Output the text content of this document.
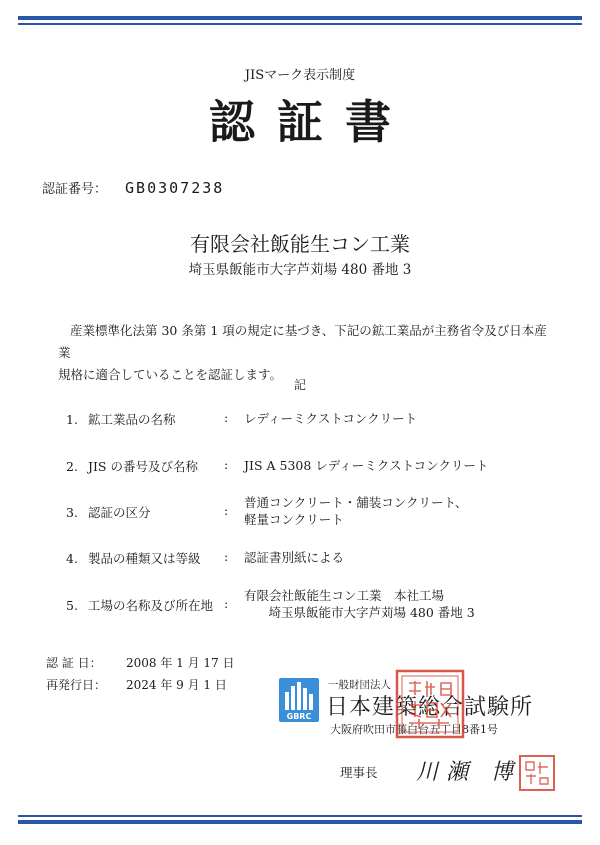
JISマーク表示制度
認証書
認証番号： GB0307238
有限会社飯能生コン工業
埼玉県飯能市大字芦苅場 480 番地 3

産業標準化法第 30 条第 1 項の規定に基づき、下記の鉱工業品が主務省令及び日本産業

規格に適合していることを認証します。

記
1. 鉱工業品の名称	: レディーミクストコンクリート
2. JIS の番号及び名称 : JIS A 5308 レディーミクストコンクリート
3. 認証の区分	:
普通コンクリート・舗装コンクリート、
軽量コンクリート
4. 製品の種類又は等級 : 認証書別紙による
5. 工場の名称及び所在地 :
有限会社飯能生コン工業　本社工場
　埼玉県飯能市大字芦苅場 480 番地 3
認 証 日： 2008 年 1 月 17 日
再発行日： 2024 年 9 月 1 日
GBRC
一般財団法人
日本建築総合試験所
大阪府吹田市藤白台五丁目8番1号
理事長 川瀬 博
